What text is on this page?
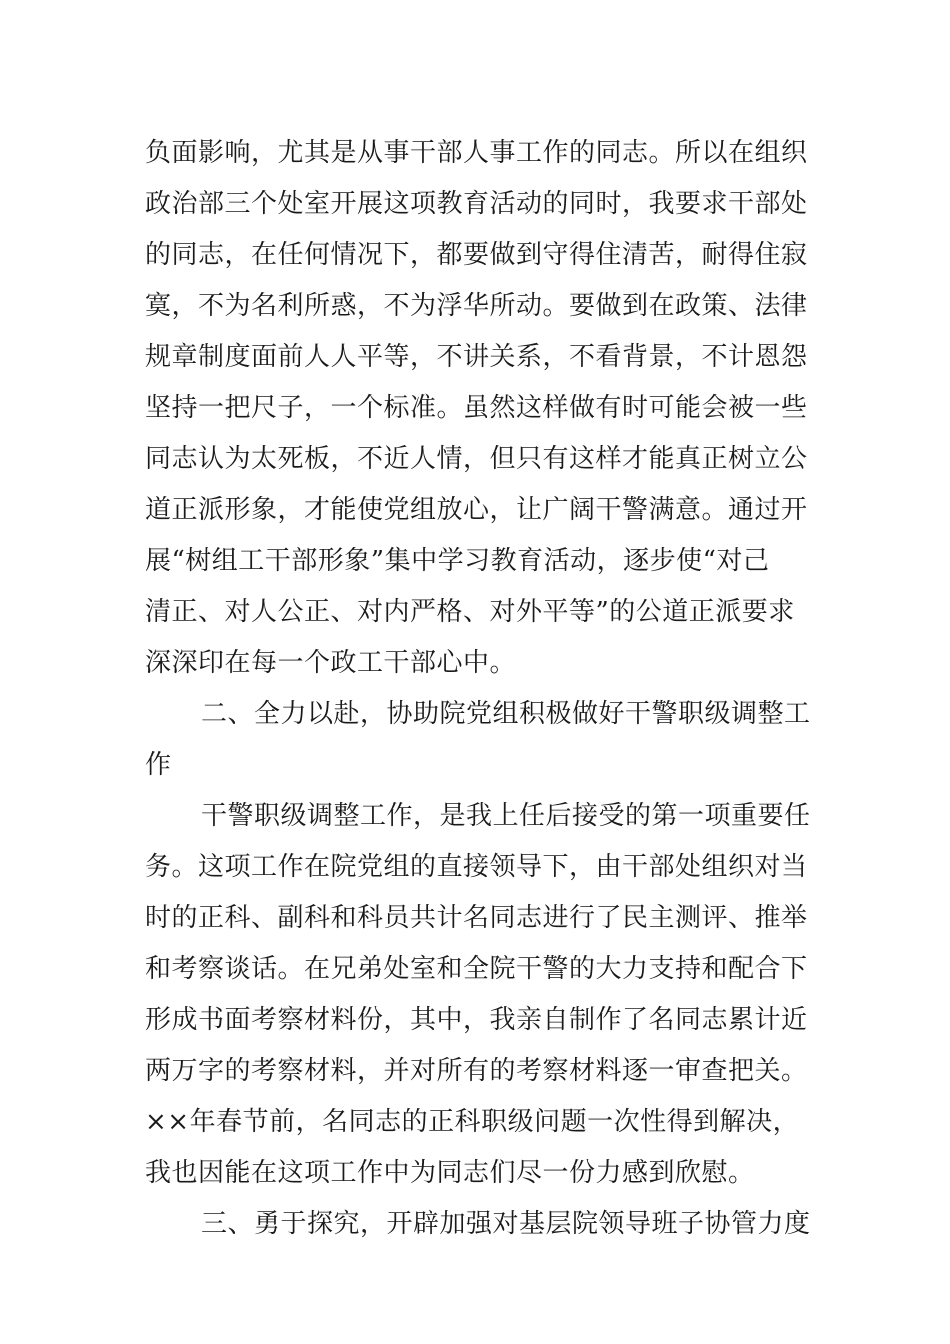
负面影响，尤其是从事干部人事工作的同志。所以在组织
政治部三个处室开展这项教育活动的同时，我要求干部处
的同志，在任何情况下，都要做到守得住清苦，耐得住寂
寞，不为名利所惑，不为浮华所动。要做到在政策、法律
规章制度面前人人平等，不讲关系，不看背景，不计恩怨
坚持一把尺子，一个标准。虽然这样做有时可能会被一些
同志认为太死板，不近人情，但只有这样才能真正树立公
道正派形象，才能使党组放心，让广阔干警满意。通过开
展“树组工干部形象”集中学习教育活动，逐步使“对己
清正、对人公正、对内严格、对外平等”的公道正派要求
深深印在每一个政工干部心中。
二、全力以赴，协助院党组积极做好干警职级调整工
作
干警职级调整工作，是我上任后接受的第一项重要任
务。这项工作在院党组的直接领导下，由干部处组织对当
时的正科、副科和科员共计名同志进行了民主测评、推举
和考察谈话。在兄弟处室和全院干警的大力支持和配合下
形成书面考察材料份，其中，我亲自制作了名同志累计近
两万字的考察材料，并对所有的考察材料逐一审查把关。
××年春节前，名同志的正科职级问题一次性得到解决，
我也因能在这项工作中为同志们尽一份力感到欣慰。
三、勇于探究，开辟加强对基层院领导班子协管力度
